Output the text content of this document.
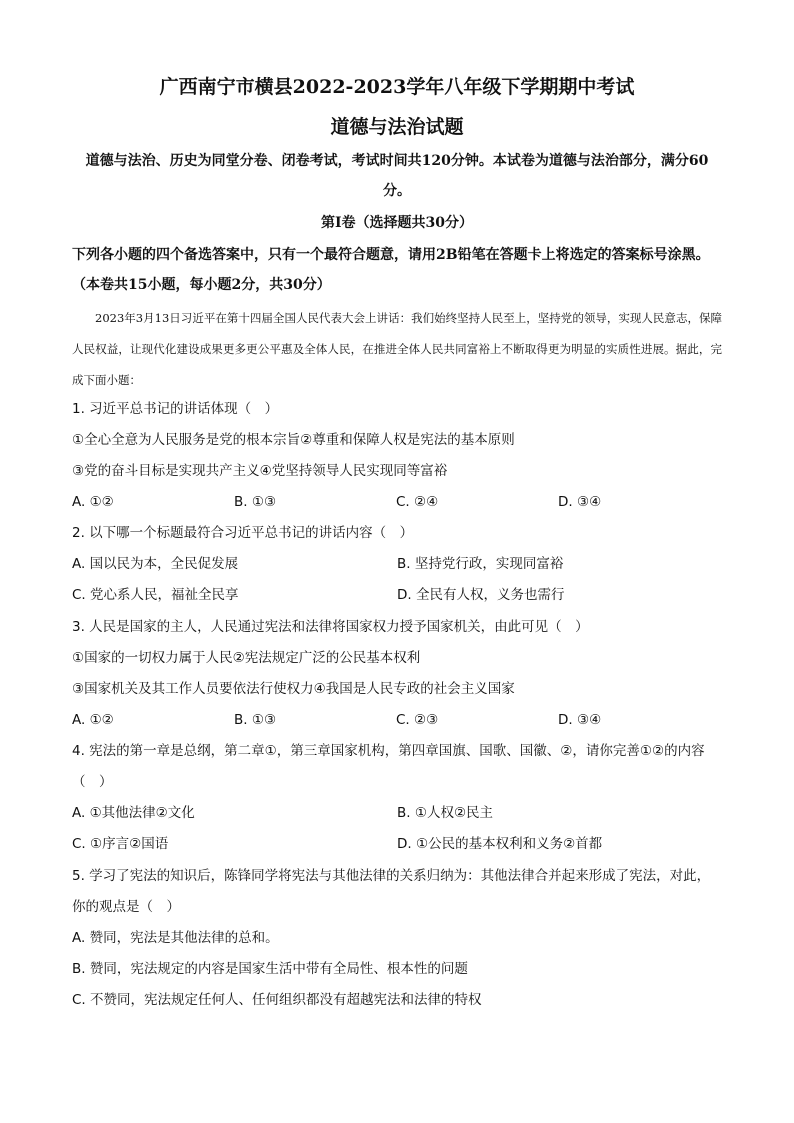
广西南宁市横县2022-2023学年八年级下学期期中考试
道德与法治试题
道德与法治、历史为同堂分卷、闭卷考试，考试时间共120分钟。本试卷为道德与法治部分，满分60分。
第Ⅰ卷（选择题共30分）
下列各小题的四个备选答案中，只有一个最符合题意，请用2B铅笔在答题卡上将选定的答案标号涂黑。（本卷共15小题，每小题2分，共30分）
2023年3月13日习近平在第十四届全国人民代表大会上讲话：我们始终坚持人民至上，坚持党的领导，实现人民意志，保障人民权益，让现代化建设成果更多更公平惠及全体人民，在推进全体人民共同富裕上不断取得更为明显的实质性进展。据此，完成下面小题：
1. 习近平总书记的讲话体现（　）
①全心全意为人民服务是党的根本宗旨②尊重和保障人权是宪法的基本原则
③党的奋斗目标是实现共产主义④党坚持领导人民实现同等富裕
A. ①②	B. ①③	C. ②④	D. ③④
2. 以下哪一个标题最符合习近平总书记的讲话内容（　）
A. 国以民为本，全民促发展	B. 坚持党行政，实现同富裕
C. 党心系人民，福祉全民享	D. 全民有人权，义务也需行
3. 人民是国家的主人，人民通过宪法和法律将国家权力授予国家机关，由此可见（　）
①国家的一切权力属于人民②宪法规定广泛的公民基本权利
③国家机关及其工作人员要依法行使权力④我国是人民专政的社会主义国家
A. ①②	B. ①③	C. ②③	D. ③④
4. 宪法的第一章是总纲，第二章①，第三章国家机构，第四章国旗、国歌、国徽、②，请你完善①②的内容（　）
A. ①其他法律②文化	B. ①人权②民主
C. ①序言②国语	D. ①公民的基本权利和义务②首都
5. 学习了宪法的知识后，陈锋同学将宪法与其他法律的关系归纳为：其他法律合并起来形成了宪法，对此，你的观点是（　）
A. 赞同，宪法是其他法律的总和。
B. 赞同，宪法规定的内容是国家生活中带有全局性、根本性的问题
C. 不赞同，宪法规定任何人、任何组织都没有超越宪法和法律的特权
